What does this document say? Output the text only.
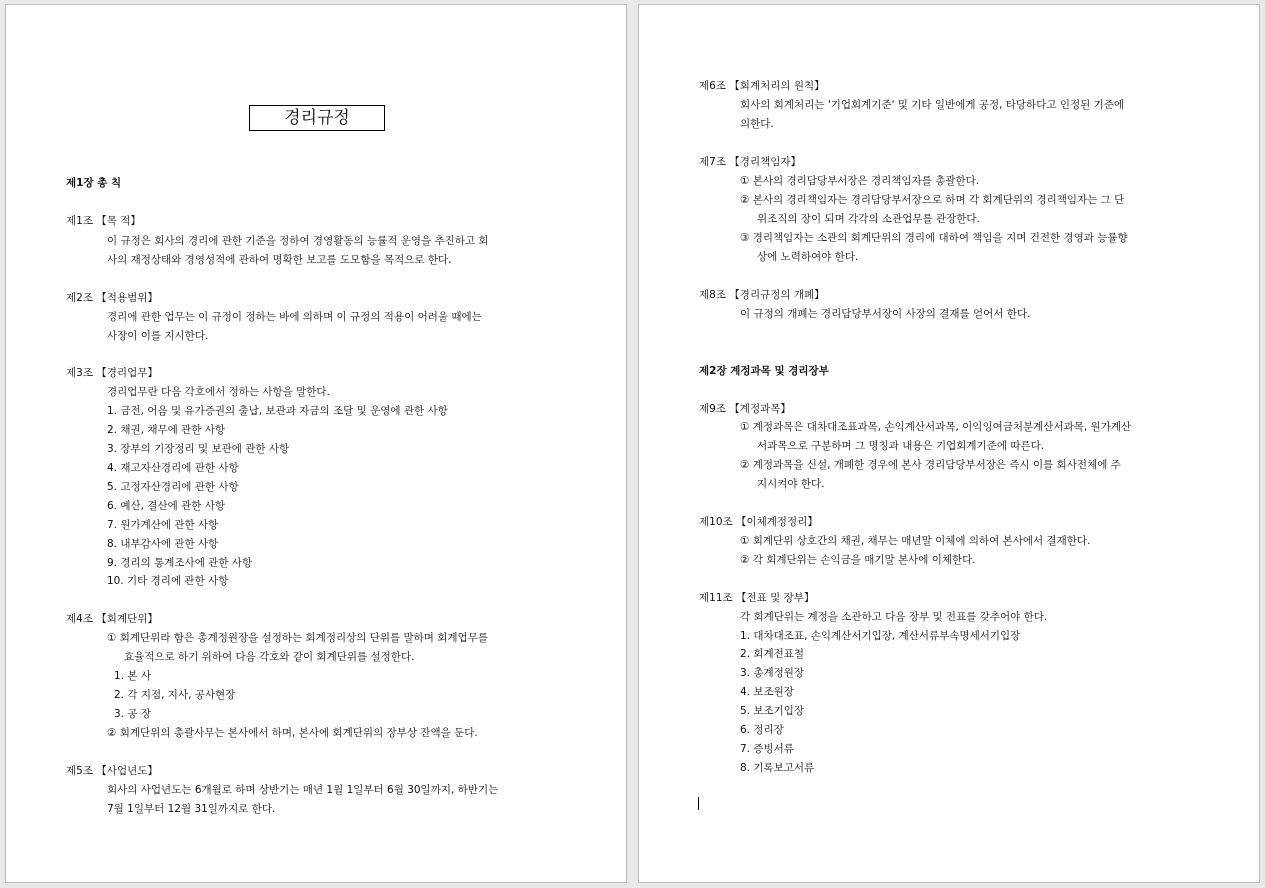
경리규정
제1장 총 칙
제1조 【목 적】
이 규정은 회사의 경리에 관한 기준을 정하여 경영활동의 능률적 운영을 추진하고 회
사의 재정상태와 경영성적에 관하여 명확한 보고를 도모함을 목적으로 한다.
제2조 【적용범위】
경리에 관한 업무는 이 규정이 정하는 바에 의하며 이 규정의 적용이 어려울 때에는
사장이 이를 지시한다.
제3조 【경리업무】
경리업무란 다음 각호에서 정하는 사항을 말한다.
1. 금전, 어음 및 유가증권의 출납, 보관과 자금의 조달 및 운영에 관한 사항
2. 채권, 채무에 관한 사항
3. 장부의 기장정리 및 보관에 관한 사항
4. 재고자산경리에 관한 사항
5. 고정자산경리에 관한 사항
6. 예산, 결산에 관한 사항
7. 원가계산에 관한 사항
8. 내부감사에 관한 사항
9. 경리의 통계조사에 관한 사항
10. 기타 경리에 관한 사항
제4조 【회계단위】
① 회계단위라 함은 총계정원장을 설정하는 회계정리상의 단위를 말하며 회계업무를
효율적으로 하기 위하여 다음 각호와 같이 회계단위를 설정한다.
1. 본 사
2. 각 지점, 지사, 공사현장
3. 공 장
② 회계단위의 총괄사무는 본사에서 하며, 본사에 회계단위의 장부상 잔액을 둔다.
제5조 【사업년도】
회사의 사업년도는 6개월로 하며 상반기는 매년 1월 1일부터 6월 30일까지, 하반기는
7월 1일부터 12월 31일까지로 한다.
제6조 【회계처리의 원칙】
회사의 회계처리는 '기업회계기준' 및 기타 일반에게 공정, 타당하다고 인정된 기준에
의한다.
제7조 【경리책임자】
① 본사의 경리담당부서장은 경리책임자를 총괄한다.
② 본사의 경리책임자는 경리담당부서장으로 하며 각 회계단위의 경리책임자는 그 단
위조직의 장이 되며 각각의 소관업무를 관장한다.
③ 경리책임자는 소관의 회계단위의 경리에 대하여 책임을 지며 건전한 경영과 능률향
상에 노력하여야 한다.
제8조 【경리규정의 개폐】
이 규정의 개폐는 경리담당부서장이 사장의 결재를 얻어서 한다.
제2장 계정과목 및 경리장부
제9조 【계정과목】
① 계정과목은 대차대조표과목, 손익계산서과목, 이익잉여금처분계산서과목, 원가계산
서과목으로 구분하며 그 명칭과 내용은 기업회계기준에 따른다.
② 계정과목을 신설, 개폐한 경우에 본사 경리담당부서장은 즉시 이를 회사전체에 주
지시켜야 한다.
제10조 【이체계정정리】
① 회계단위 상호간의 채권, 채무는 매년말 이체에 의하여 본사에서 결재한다.
② 각 회계단위는 손익금을 매기말 본사에 이체한다.
제11조 【전표 및 장부】
각 회계단위는 계정을 소관하고 다음 장부 및 전표를 갖추어야 한다.
1. 대차대조표, 손익계산서기입장, 계산서류부속명세서기입장
2. 회계전표철
3. 총계정원장
4. 보조원장
5. 보조기입장
6. 정리장
7. 증빙서류
8. 기록보고서류
